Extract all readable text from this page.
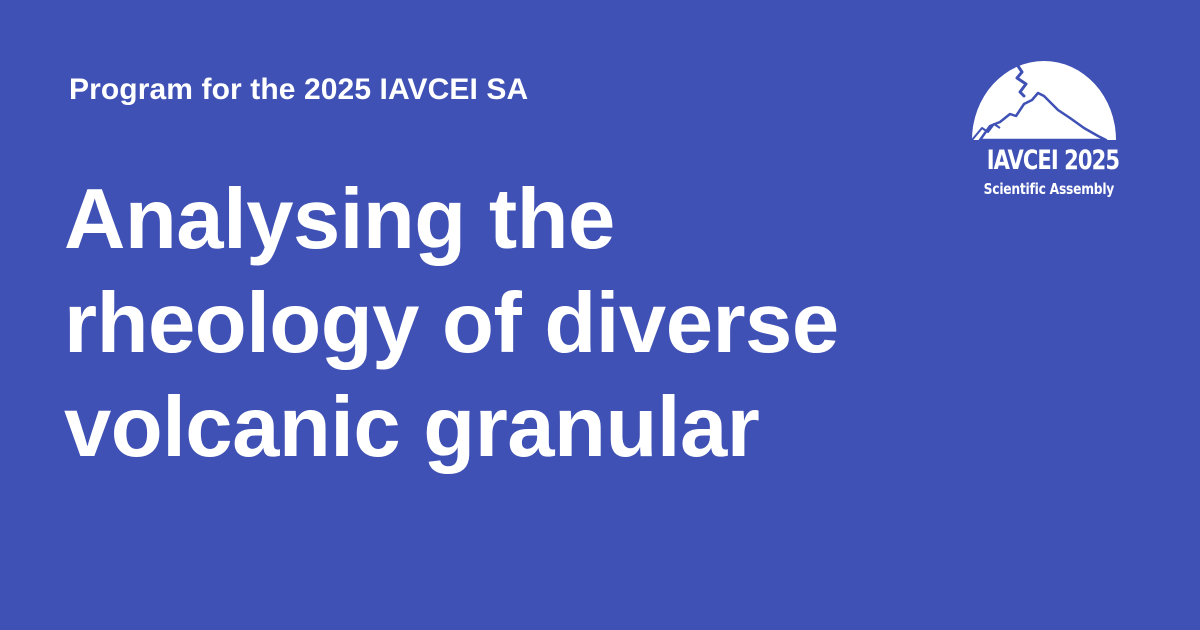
Program for the 2025 IAVCEI SA
Analysing the
rheology of diverse
volcanic granular
IAVCEI 2025
Scientific Assembly
